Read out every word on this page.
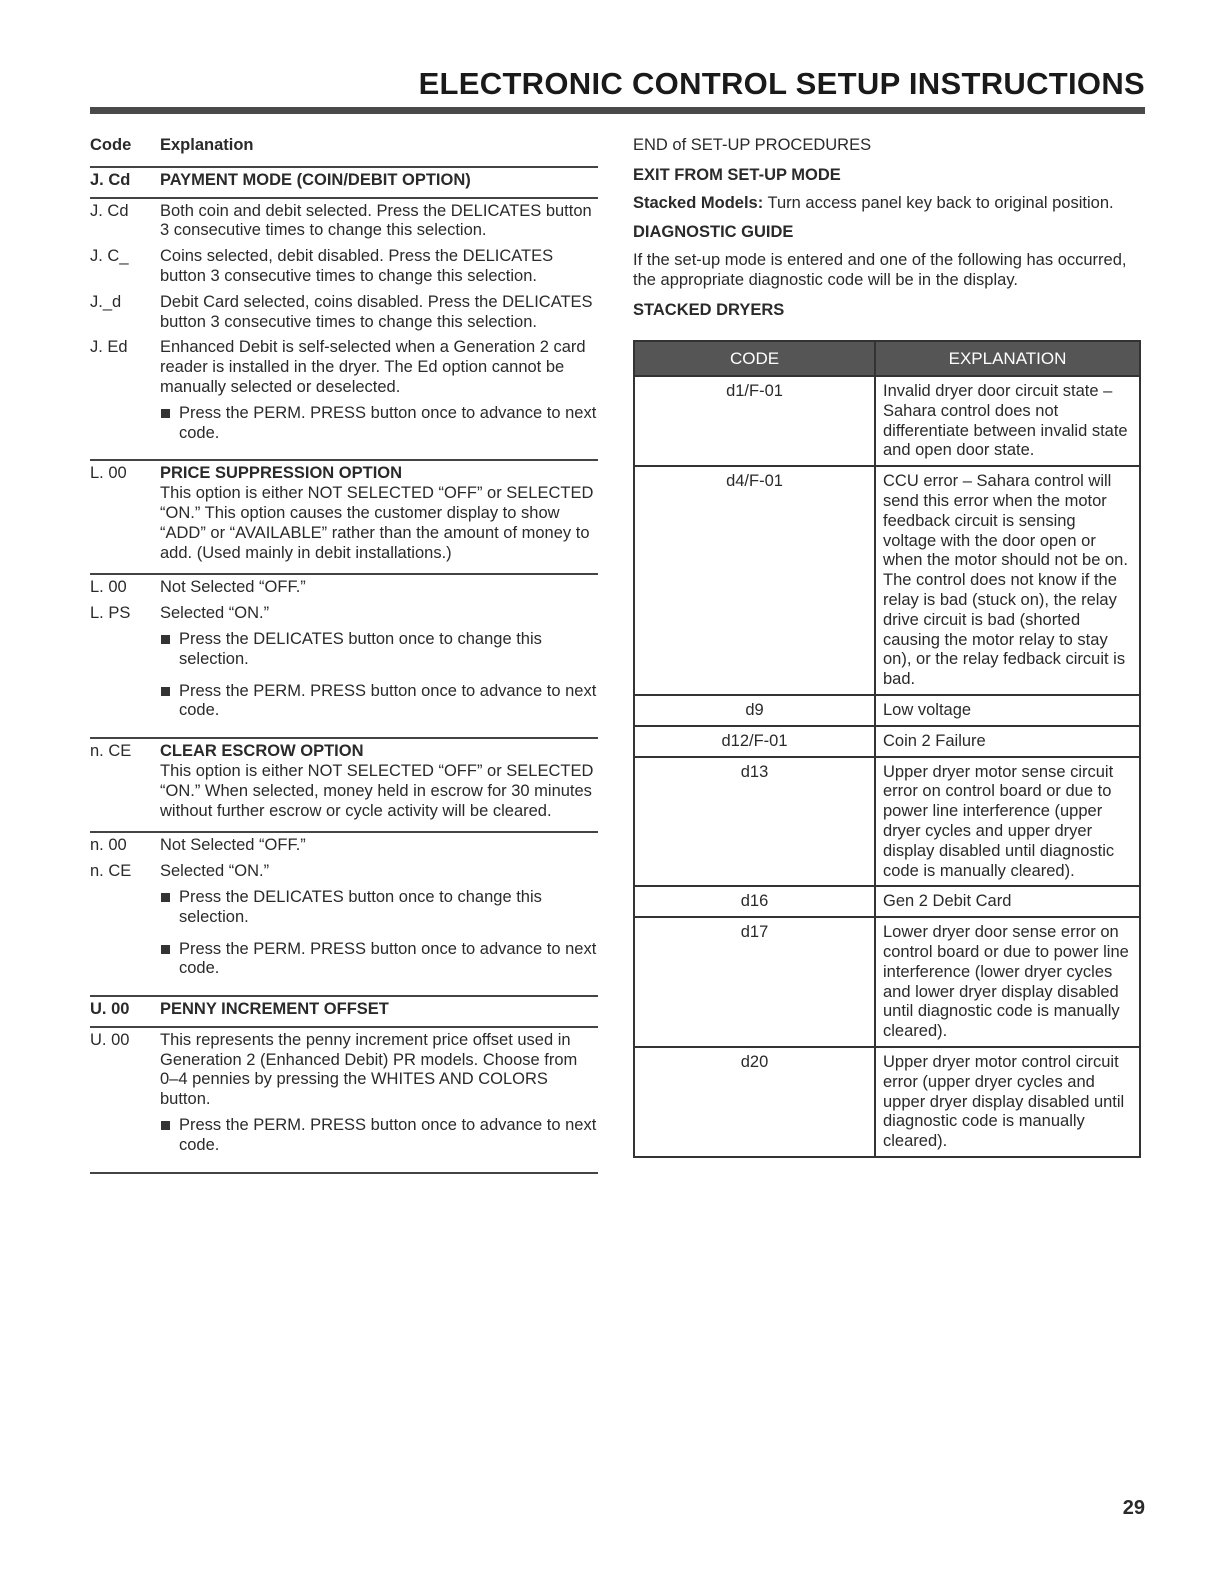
ELECTRONIC CONTROL SETUP INSTRUCTIONS
Code	Explanation
J. Cd	PAYMENT MODE (COIN/DEBIT OPTION)
J. Cd	Both coin and debit selected. Press the DELICATES button 3 consecutive times to change this selection.
J. C_	Coins selected, debit disabled. Press the DELICATES button 3 consecutive times to change this selection.
J._d	Debit Card selected, coins disabled. Press the DELICATES button 3 consecutive times to change this selection.
J. Ed	Enhanced Debit is self-selected when a Generation 2 card reader is installed in the dryer. The Ed option cannot be manually selected or deselected.
Press the PERM. PRESS button once to advance to next code.
L. 00	PRICE SUPPRESSION OPTION
This option is either NOT SELECTED “OFF” or SELECTED “ON.” This option causes the customer display to show “ADD” or “AVAILABLE” rather than the amount of money to add. (Used mainly in debit installations.)
L. 00	Not Selected “OFF.”
L. PS	Selected “ON.”
Press the DELICATES button once to change this selection.
Press the PERM. PRESS button once to advance to next code.
n. CE	CLEAR ESCROW OPTION
This option is either NOT SELECTED “OFF” or SELECTED “ON.” When selected, money held in escrow for 30 minutes without further escrow or cycle activity will be cleared.
n. 00	Not Selected “OFF.”
n. CE	Selected “ON.”
Press the DELICATES button once to change this selection.
Press the PERM. PRESS button once to advance to next code.
U. 00	PENNY INCREMENT OFFSET
U. 00	This represents the penny increment price offset used in Generation 2 (Enhanced Debit) PR models. Choose from 0–4 pennies by pressing the WHITES AND COLORS button.
Press the PERM. PRESS button once to advance to next code.

END of SET-UP PROCEDURES

EXIT FROM SET-UP MODE

Stacked Models: Turn access panel key back to original position.

DIAGNOSTIC GUIDE

If the set-up mode is entered and one of the following has occurred, the appropriate diagnostic code will be in the display.

STACKED DRYERS
CODE	EXPLANATION
d1/F-01	Invalid dryer door circuit state – Sahara control does not differentiate between invalid state and open door state.
d4/F-01	CCU error – Sahara control will send this error when the motor feedback circuit is sensing voltage with the door open or when the motor should not be on. The control does not know if the relay is bad (stuck on), the relay drive circuit is bad (shorted causing the motor relay to stay on), or the relay fedback circuit is bad.
d9	Low voltage
d12/F-01	Coin 2 Failure
d13	Upper dryer motor sense circuit error on control board or due to power line interference (upper dryer cycles and upper dryer display disabled until diagnostic code is manually cleared).
d16	Gen 2 Debit Card
d17	Lower dryer door sense error on control board or due to power line interference (lower dryer cycles and lower dryer display disabled until diagnostic code is manually cleared).
d20	Upper dryer motor control circuit error (upper dryer cycles and upper dryer display disabled until diagnostic code is manually cleared).
29
